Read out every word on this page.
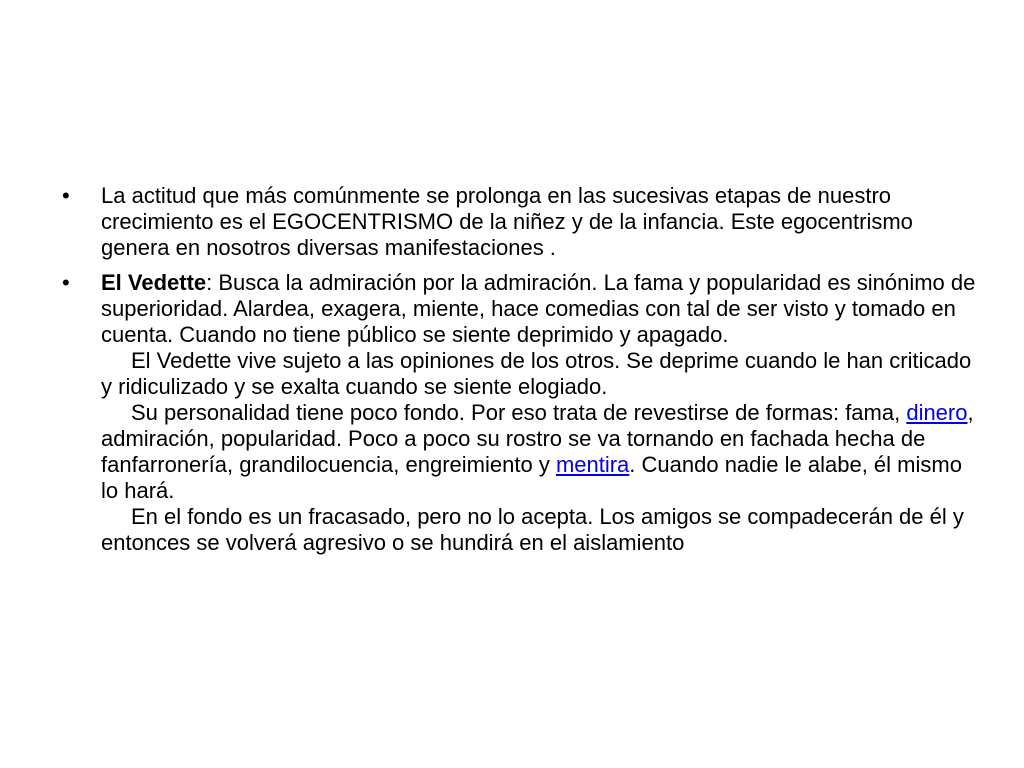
•	La actitud que más comúnmente se prolonga en las sucesivas etapas de nuestro crecimiento es el EGOCENTRISMO de la niñez y de la infancia. Este egocentrismo genera en nosotros diversas manifestaciones .
•	El Vedette: Busca la admiración por la admiración. La fama y popularidad es sinónimo de superioridad. Alardea, exagera, miente, hace comedias con tal de ser visto y tomado en cuenta. Cuando no tiene público se siente deprimido y apagado.
El Vedette vive sujeto a las opiniones de los otros. Se deprime cuando le han criticado y ridiculizado y se exalta cuando se siente elogiado.
Su personalidad tiene poco fondo. Por eso trata de revestirse de formas: fama, dinero, admiración, popularidad. Poco a poco su rostro se va tornando en fachada hecha de fanfarronería, grandilocuencia, engreimiento y mentira. Cuando nadie le alabe, él mismo lo hará.
En el fondo es un fracasado, pero no lo acepta. Los amigos se compadecerán de él y entonces se volverá agresivo o se hundirá en el aislamiento
